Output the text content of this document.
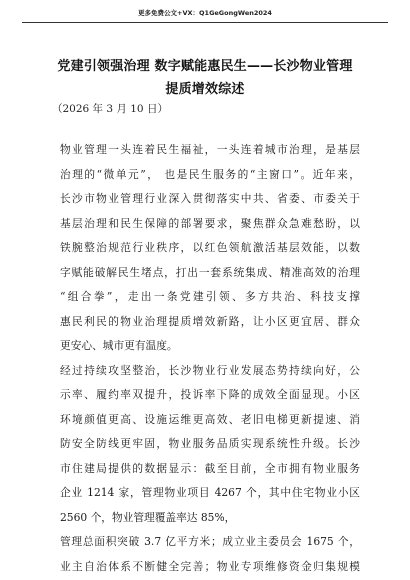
更多免费公文+VX：Q1GeGongWen2024
党建引领强治理 数字赋能惠民生——长沙物业管理
提质增效综述
（2026 年 3 月 10 日）
物业管理一头连着民生福祉，一头连着城市治理，是基层
治理的“微单元”， 也是民生服务的“主窗口”。近年来，
长沙市物业管理行业深入贯彻落实中共、省委、市委关于
基层治理和民生保障的部署要求，聚焦群众急难愁盼，以
铁腕整治规范行业秩序，以红色领航激活基层效能，以数
字赋能破解民生堵点，打出一套系统集成、精准高效的治理
“组合拳”，走出一条党建引领、多方共治、科技支撑
惠民利民的物业治理提质增效新路，让小区更宜居、群众
更安心、城市更有温度。
经过持续攻坚整治，长沙物业行业发展态势持续向好，公
示率、履约率双提升，投诉率下降的成效全面显现。小区
环境颜值更高、设施运维更高效、老旧电梯更新提速、消
防安全防线更牢固，物业服务品质实现系统性升级。长沙
市住建局提供的数据显示：截至目前，全市拥有物业服务
企业 1214 家，管理物业项目 4267 个，其中住宅物业小区
2560 个，物业管理覆盖率达 85%，
管理总面积突破 3.7 亿平方米；成立业主委员会 1675 个，
业主自治体系不断健全完善；物业专项维修资金归集规模
